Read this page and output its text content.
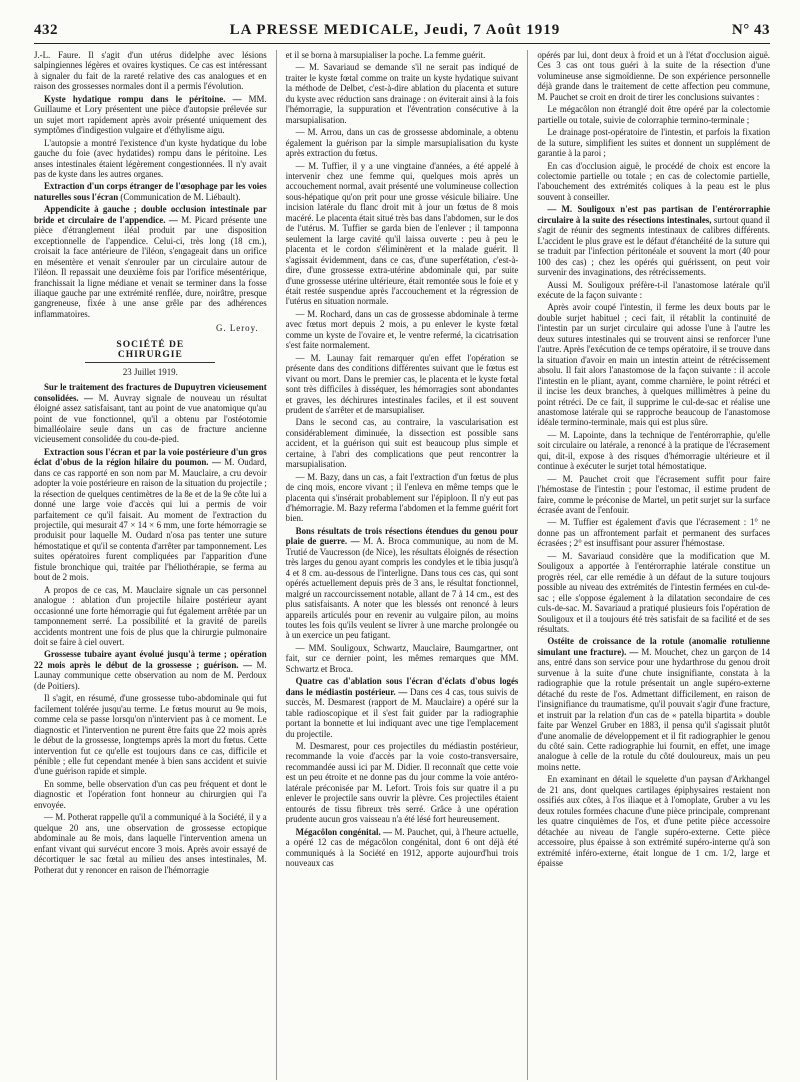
432	LA PRESSE MEDICALE, Jeudi, 7 Août 1919	N° 43

J.-L. Faure. Il s'agit d'un utérus didelphe avec lésions salpingiennes légères et ovaires kystiques. Ce cas est intéressant à signaler du fait de la rareté relative des cas analogues et en raison des grossesses normales dont il a permis l'évolution.

Kyste hydatique rompu dans le péritoine. — MM. Guillaume et Lory présentent une pièce d'autopsie prélevée sur un sujet mort rapidement après avoir présenté uniquement des symptômes d'indigestion vulgaire et d'éthylisme aigu.

L'autopsie a montré l'existence d'un kyste hydatique du lobe gauche du foie (avec hydatides) rompu dans le péritoine. Les anses intestinales étaient légèrement congestionnées. Il n'y avait pas de kyste dans les autres organes.

Extraction d'un corps étranger de l'œsophage par les voies naturelles sous l'écran (Communication de M. Liébault).

Appendicite à gauche ; double occlusion intestinale par bride et circulaire de l'appendice. — M. Picard présente une pièce d'étranglement iléal produit par une disposition exceptionnelle de l'appendice. Celui-ci, très long (18 cm.), croisait la face antérieure de l'iléon, s'engageait dans un orifice en mésentère et venait s'enrouler par un circulaire autour de l'iléon. Il repassait une deuxième fois par l'orifice mésentérique, franchissait la ligne médiane et venait se terminer dans la fosse iliaque gauche par une extrémité renflée, dure, noirâtre, presque gangreneuse, fixée à une anse grêle par des adhérences inflammatoires.

G. Leroy.
SOCIÉTÉ DE CHIRURGIE
23 Juillet 1919.

Sur le traitement des fractures de Dupuytren vicieusement consolidées. — M. Auvray signale de nouveau un résultat éloigné assez satisfaisant, tant au point de vue anatomique qu'au point de vue fonctionnel, qu'il a obtenu par l'ostéotomie bimalléolaire seule dans un cas de fracture ancienne vicieusement consolidée du cou-de-pied.

Extraction sous l'écran et par la voie postérieure d'un gros éclat d'obus de la région hilaire du poumon. — M. Oudard, dans ce cas rapporté en son nom par M. Mauclaire, a cru devoir adopter la voie postérieure en raison de la situation du projectile ; la résection de quelques centimètres de la 8e et de la 9e côte lui a donné une large voie d'accès qui lui a permis de voir parfaitement ce qu'il faisait. Au moment de l'extraction du projectile, qui mesurait 47 × 14 × 6 mm, une forte hémorragie se produisit pour laquelle M. Oudard n'osa pas tenter une suture hémostatique et qu'il se contenta d'arrêter par tamponnement. Les suites opératoires furent compliquées par l'apparition d'une fistule bronchique qui, traitée par l'héliothérapie, se ferma au bout de 2 mois.

A propos de ce cas, M. Mauclaire signale un cas personnel analogue : ablation d'un projectile hilaire postérieur ayant occasionné une forte hémorragie qui fut également arrêtée par un tamponnement serré. La possibilité et la gravité de pareils accidents montrent une fois de plus que la chirurgie pulmonaire doit se faire à ciel ouvert.

Grossesse tubaire ayant évolué jusqu'à terme ; opération 22 mois après le début de la grossesse ; guérison. — M. Launay communique cette observation au nom de M. Perdoux (de Poitiers).

Il s'agit, en résumé, d'une grossesse tubo-abdominale qui fut facilement tolérée jusqu'au terme. Le fœtus mourut au 9e mois, comme cela se passe lorsqu'on n'intervient pas à ce moment. Le diagnostic et l'intervention ne purent être faits que 22 mois après le début de la grossesse, longtemps après la mort du fœtus. Cette intervention fut ce qu'elle est toujours dans ce cas, difficile et pénible ; elle fut cependant menée à bien sans accident et suivie d'une guérison rapide et simple.

En somme, belle observation d'un cas peu fréquent et dont le diagnostic et l'opération font honneur au chirurgien qui l'a envoyée.

— M. Potherat rappelle qu'il a communiqué à la Société, il y a quelque 20 ans, une observation de grossesse ectopique abdominale au 8e mois, dans laquelle l'intervention amena un enfant vivant qui survécut encore 3 mois. Après avoir essayé de décortiquer le sac fœtal au milieu des anses intestinales, M. Potherat dut y renoncer en raison de l'hémorragie

et il se borna à marsupialiser la poche. La femme guérit.

— M. Savariaud se demande s'il ne serait pas indiqué de traiter le kyste fœtal comme on traite un kyste hydatique suivant la méthode de Delbet, c'est-à-dire ablation du placenta et suture du kyste avec réduction sans drainage : on éviterait ainsi à la fois l'hémorragie, la suppuration et l'éventration consécutive à la marsupialisation.

— M. Arrou, dans un cas de grossesse abdominale, a obtenu également la guérison par la simple marsupialisation du kyste après extraction du fœtus.

— M. Tuffier, il y a une vingtaine d'années, a été appelé à intervenir chez une femme qui, quelques mois après un accouchement normal, avait présenté une volumineuse collection sous-hépatique qu'on prit pour une grosse vésicule biliaire. Une incision latérale du flanc droit mit à jour un fœtus de 8 mois macéré. Le placenta était situé très bas dans l'abdomen, sur le dos de l'utérus. M. Tuffier se garda bien de l'enlever ; il tamponna seulement la large cavité qu'il laissa ouverte : peu à peu le placenta et le cordon s'éliminèrent et la malade guérit. Il s'agissait évidemment, dans ce cas, d'une superfétation, c'est-à-dire, d'une grossesse extra-utérine abdominale qui, par suite d'une grossesse utérine ultérieure, était remontée sous le foie et y était restée suspendue après l'accouchement et la régression de l'utérus en situation normale.

— M. Rochard, dans un cas de grossesse abdominale à terme avec fœtus mort depuis 2 mois, a pu enlever le kyste fœtal comme un kyste de l'ovaire et, le ventre refermé, la cicatrisation s'est faite normalement.

— M. Launay fait remarquer qu'en effet l'opération se présente dans des conditions différentes suivant que le fœtus est vivant ou mort. Dans le premier cas, le placenta et le kyste fœtal sont très difficiles à disséquer, les hémorragies sont abondantes et graves, les déchirures intestinales faciles, et il est souvent prudent de s'arrêter et de marsupialiser.

Dans le second cas, au contraire, la vascularisation est considérablement diminuée, la dissection est possible sans accident, et la guérison qui suit est beaucoup plus simple et certaine, à l'abri des complications que peut rencontrer la marsupialisation.

— M. Bazy, dans un cas, a fait l'extraction d'un fœtus de plus de cinq mois, encore vivant ; il l'enleva en même temps que le placenta qui s'insérait probablement sur l'épiploon. Il n'y eut pas d'hémorragie. M. Bazy referma l'abdomen et la femme guérit fort bien.

Bons résultats de trois résections étendues du genou pour plaie de guerre. — M. A. Broca communique, au nom de M. Trutié de Vaucresson (de Nice), les résultats éloignés de résection très larges du genou ayant compris les condyles et le tibia jusqu'à 4 et 8 cm. au-dessous de l'interligne. Dans tous ces cas, qui sont opérés actuellement depuis près de 3 ans, le résultat fonctionnel, malgré un raccourcissement notable, allant de 7 à 14 cm., est des plus satisfaisants. A noter que les blessés ont renoncé à leurs appareils articulés pour en revenir au vulgaire pilon, au moins toutes les fois qu'ils veulent se livrer à une marche prolongée ou à un exercice un peu fatigant.

— MM. Souligoux, Schwartz, Mauclaire, Baumgartner, ont fait, sur ce dernier point, les mêmes remarques que MM. Schwartz et Broca.

Quatre cas d'ablation sous l'écran d'éclats d'obus logés dans le médiastin postérieur. — Dans ces 4 cas, tous suivis de succès, M. Desmarest (rapport de M. Mauclaire) a opéré sur la table radioscopique et il s'est fait guider par la radiographie portant la bonnette et lui indiquant avec une tige l'emplacement du projectile.

M. Desmarest, pour ces projectiles du médiastin postérieur, recommande la voie d'accès par la voie costo-transversaire, recommandée aussi ici par M. Didier. Il reconnaît que cette voie est un peu étroite et ne donne pas du jour comme la voie antéro-latérale préconisée par M. Lefort. Trois fois sur quatre il a pu enlever le projectile sans ouvrir la plèvre. Ces projectiles étaient entourés de tissu fibreux très serré. Grâce à une opération prudente aucun gros vaisseau n'a été lésé fort heureusement.

Mégacôlon congénital. — M. Pauchet, qui, à l'heure actuelle, a opéré 12 cas de mégacôlon congénital, dont 6 ont déjà été communiqués à la Société en 1912, apporte aujourd'hui trois nouveaux cas

opérés par lui, dont deux à froid et un à l'état d'occlusion aiguë. Ces 3 cas ont tous guéri à la suite de la résection d'une volumineuse anse sigmoïdienne. De son expérience personnelle déjà grande dans le traitement de cette affection peu commune, M. Pauchet se croit en droit de tirer les conclusions suivantes :

Le mégacôlon non étranglé doit être opéré par la colectomie partielle ou totale, suivie de colorraphie termino-terminale ;

Le drainage post-opératoire de l'intestin, et parfois la fixation de la suture, simplifient les suites et donnent un supplément de garantie à la paroi ;

En cas d'occlusion aiguë, le procédé de choix est encore la colectomie partielle ou totale ; en cas de colectomie partielle, l'abouchement des extrémités coliques à la peau est le plus souvent à conseiller.

— M. Souligoux n'est pas partisan de l'entérorraphie circulaire à la suite des résections intestinales, surtout quand il s'agit de réunir des segments intestinaux de calibres différents. L'accident le plus grave est le défaut d'étanchéité de la suture qui se traduit par l'infection péritonéale et souvent la mort (40 pour 100 des cas) ; chez les opérés qui guérissent, on peut voir survenir des invaginations, des rétrécissements.

Aussi M. Souligoux préfère-t-il l'anastomose latérale qu'il exécute de la façon suivante :

Après avoir coupé l'intestin, il ferme les deux bouts par le double surjet habituel ; ceci fait, il rétablit la continuité de l'intestin par un surjet circulaire qui adosse l'une à l'autre les deux sutures intestinales qui se trouvent ainsi se renforcer l'une l'autre. Après l'exécution de ce temps opératoire, il se trouve dans la situation d'avoir en main un intestin atteint de rétrécissement absolu. Il fait alors l'anastomose de la façon suivante : il accole l'intestin en le pliant, ayant, comme charnière, le point rétréci et il incise les deux branches, à quelques millimètres à peine du point rétréci. De ce fait, il supprime le cul-de-sac et réalise une anastomose latérale qui se rapproche beaucoup de l'anastomose idéale termino-terminale, mais qui est plus sûre.

— M. Lapointe, dans la technique de l'entérorraphie, qu'elle soit circulaire ou latérale, a renoncé à la pratique de l'écrasement qui, dit-il, expose à des risques d'hémorragie ultérieure et il continue à exécuter le surjet total hémostatique.

— M. Pauchet croit que l'écrasement suffit pour faire l'hémostase de l'intestin ; pour l'estomac, il estime prudent de faire, comme le préconise de Martel, un petit surjet sur la surface écrasée avant de l'enfouir.

— M. Tuffier est également d'avis que l'écrasement : 1° ne donne pas un affrontement parfait et permanent des surfaces écrasées ; 2° est insuffisant pour assurer l'hémostase.

— M. Savariaud considère que la modification que M. Souligoux a apportée à l'entérorraphie latérale constitue un progrès réel, car elle remédie à un défaut de la suture toujours possible au niveau des extrémités de l'intestin fermées en cul-de-sac ; elle s'oppose également à la dilatation secondaire de ces culs-de-sac. M. Savariaud a pratiqué plusieurs fois l'opération de Souligoux et il a toujours été très satisfait de sa facilité et de ses résultats.

Ostéite de croissance de la rotule (anomalie rotulienne simulant une fracture). — M. Mouchet, chez un garçon de 14 ans, entré dans son service pour une hydarthrose du genou droit survenue à la suite d'une chute insignifiante, constata à la radiographie que la rotule présentait un angle supéro-externe détaché du reste de l'os. Admettant difficilement, en raison de l'insignifiance du traumatisme, qu'il pouvait s'agir d'une fracture, et instruit par la relation d'un cas de « patella bipartita » double faite par Wenzel Gruber en 1883, il pensa qu'il s'agissait plutôt d'une anomalie de développement et il fit radiographier le genou du côté sain. Cette radiographie lui fournit, en effet, une image analogue à celle de la rotule du côté douloureux, mais un peu moins nette.

En examinant en détail le squelette d'un paysan d'Arkhangel de 21 ans, dont quelques cartilages épiphysaires restaient non ossifiés aux côtes, à l'os iliaque et à l'omoplate, Gruber a vu les deux rotules formées chacune d'une pièce principale, comprenant les quatre cinquièmes de l'os, et d'une petite pièce accessoire détachée au niveau de l'angle supéro-externe. Cette pièce accessoire, plus épaisse à son extrémité supéro-interne qu'à son extrémité inféro-externe, était longue de 1 cm. 1/2, large et épaisse
